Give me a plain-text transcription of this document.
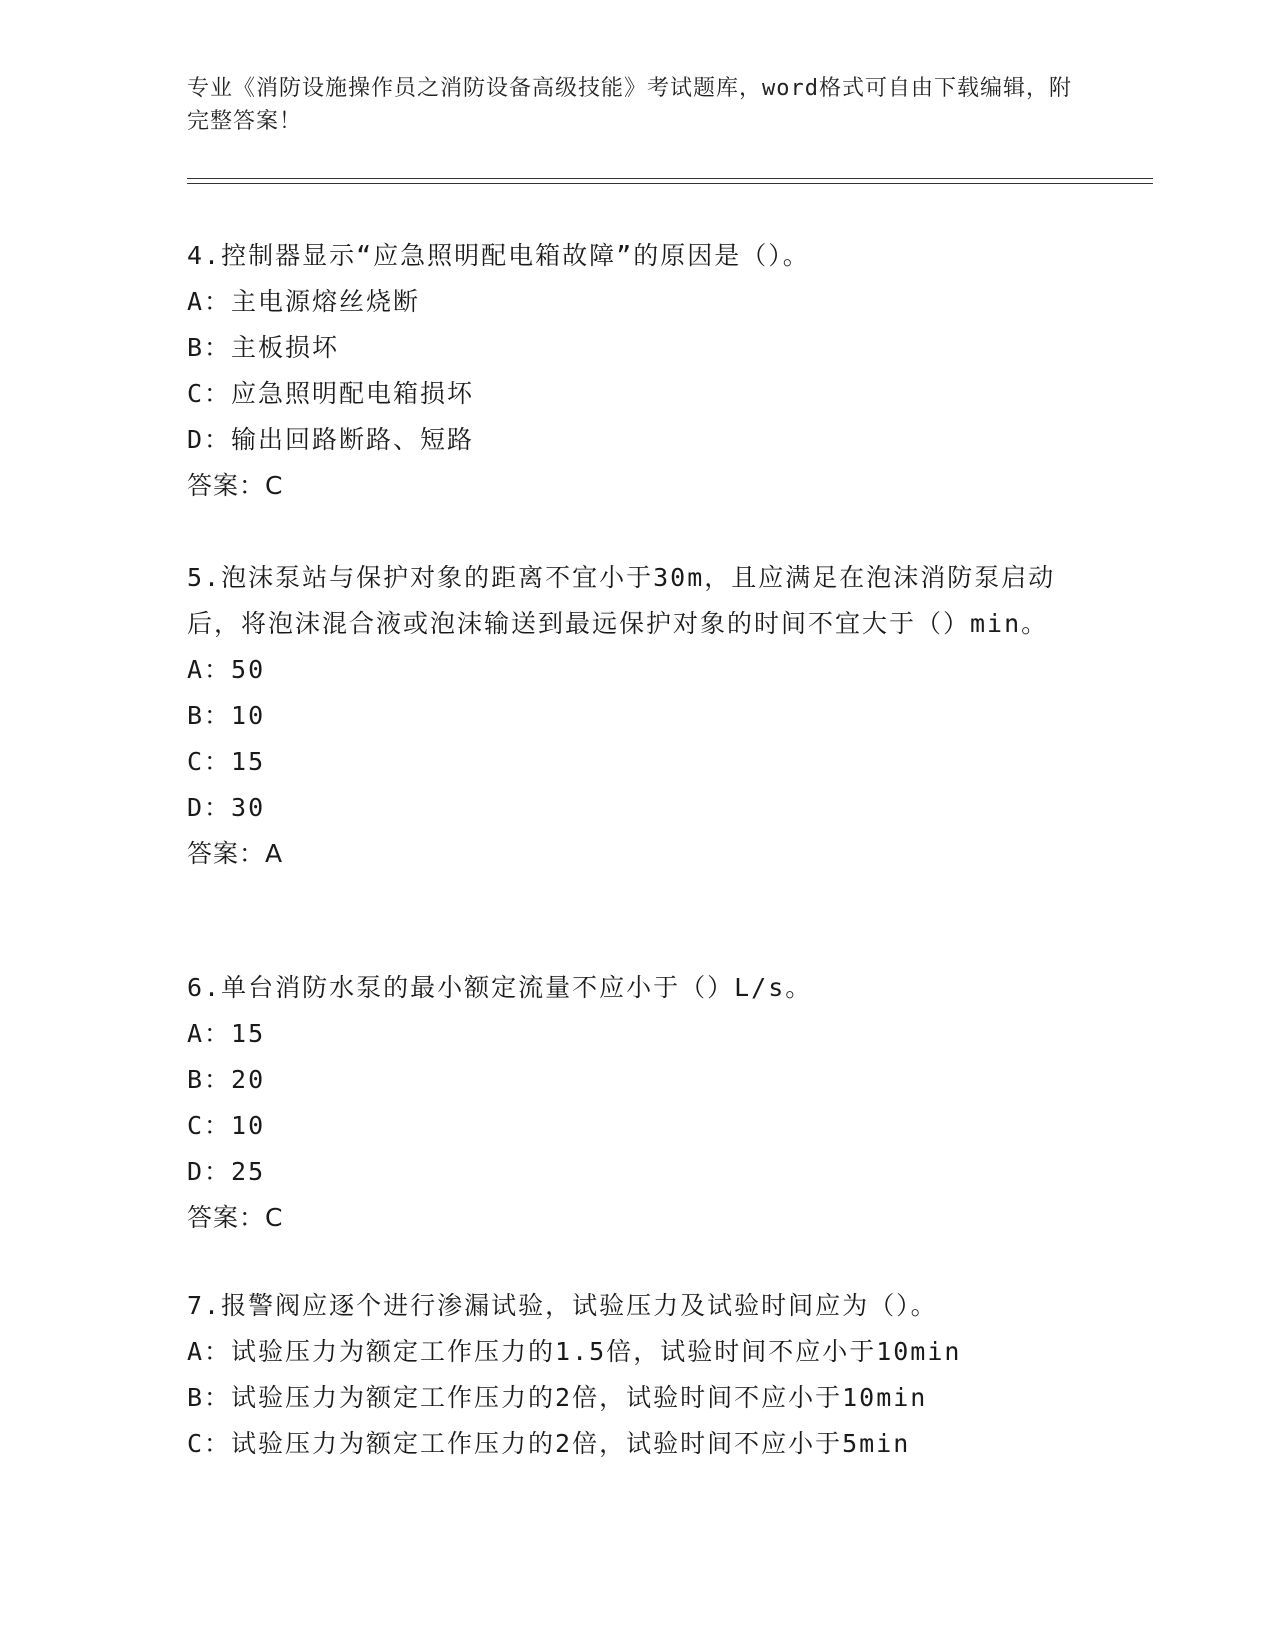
专业《消防设施操作员之消防设备高级技能》考试题库，word格式可自由下载编辑，附完整答案！
4.控制器显示“应急照明配电箱故障”的原因是（）。
A：主电源熔丝烧断
B：主板损坏
C：应急照明配电箱损坏
D：输出回路断路、短路
答案：C
5.泡沫泵站与保护对象的距离不宜小于30m，且应满足在泡沫消防泵启动后，将泡沫混合液或泡沫输送到最远保护对象的时间不宜大于（）min。
A：50
B：10
C：15
D：30
答案：A
6.单台消防水泵的最小额定流量不应小于（）L/s。
A：15
B：20
C：10
D：25
答案：C
7.报警阀应逐个进行渗漏试验，试验压力及试验时间应为（）。
A：试验压力为额定工作压力的1.5倍，试验时间不应小于10min
B：试验压力为额定工作压力的2倍，试验时间不应小于10min
C：试验压力为额定工作压力的2倍，试验时间不应小于5min
